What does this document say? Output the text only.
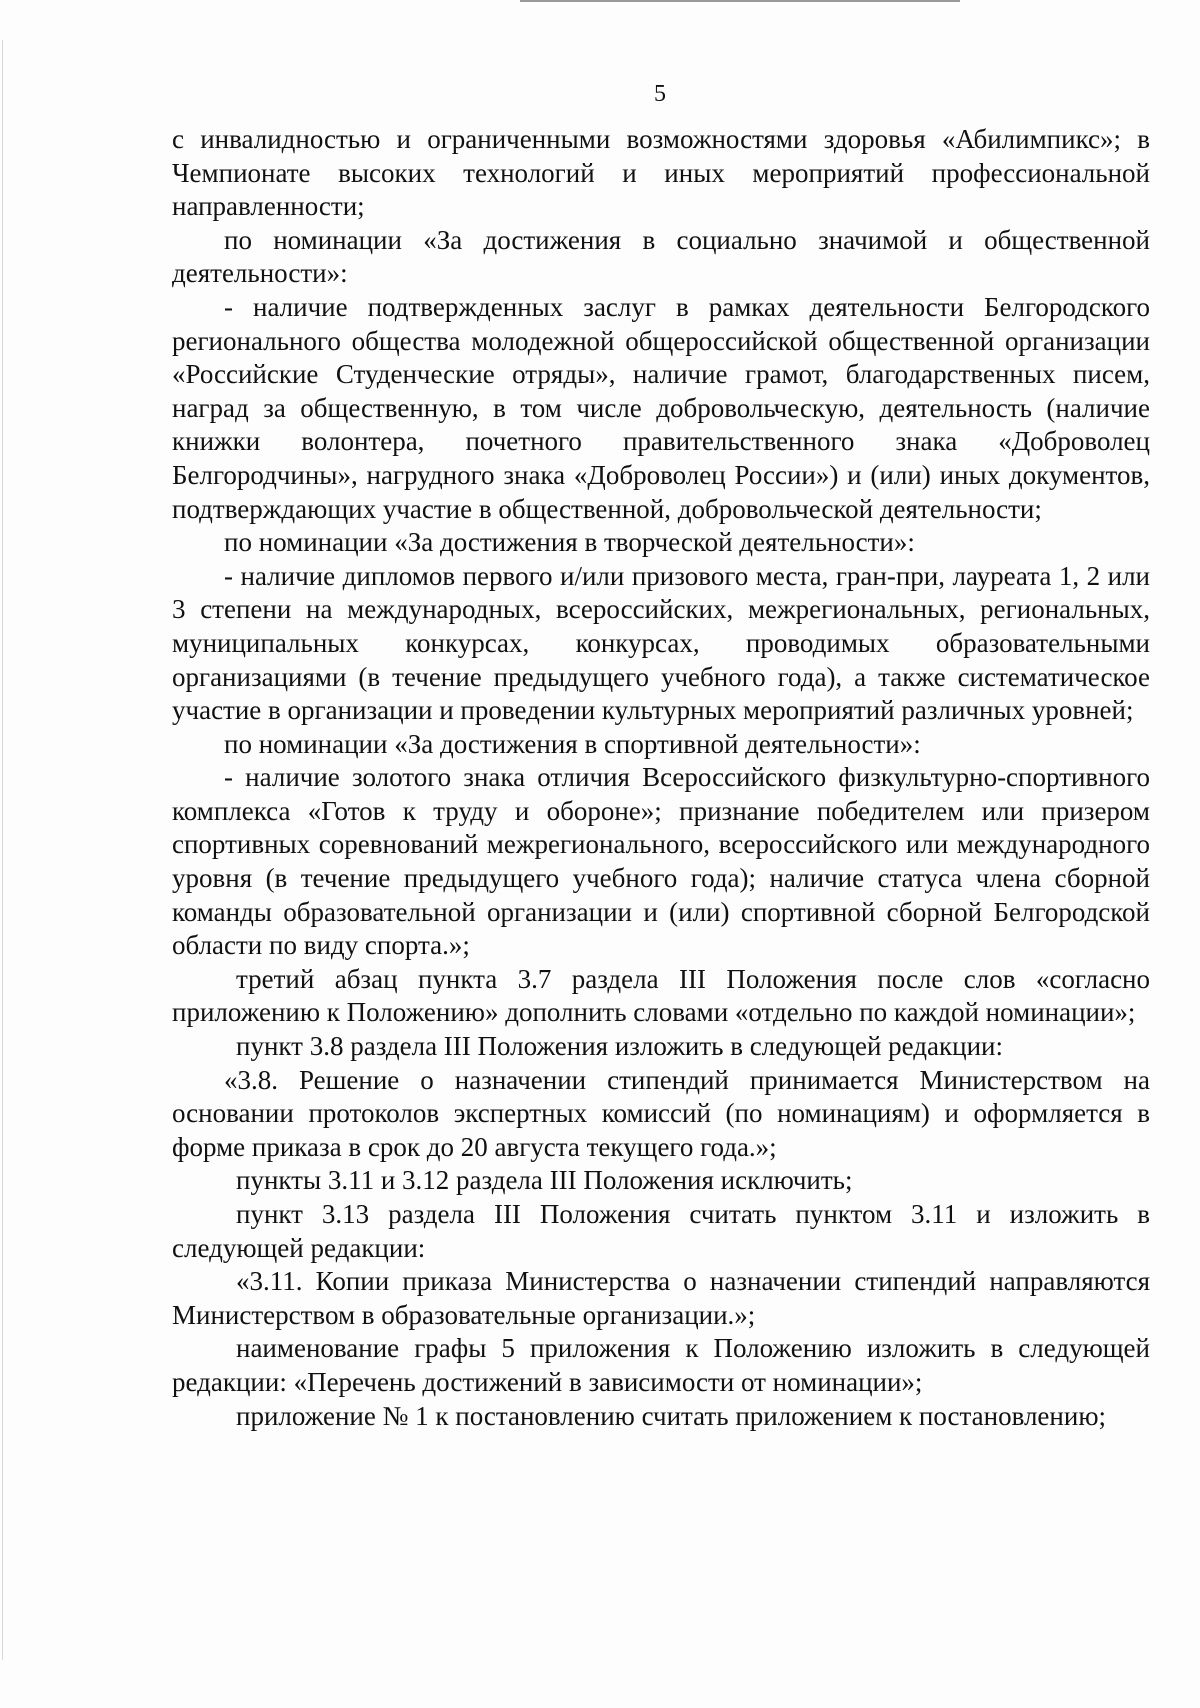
5

с инвалидностью и ограниченными возможностями здоровья «Абилимпикс»; в Чемпионате высоких технологий и иных мероприятий профессиональной направленности;

по номинации «За достижения в социально значимой и общественной деятельности»:

- наличие подтвержденных заслуг в рамках деятельности Белгородского регионального общества молодежной общероссийской общественной организации «Российские Студенческие отряды», наличие грамот, благодарственных писем, наград за общественную, в том числе добровольческую, деятельность (наличие книжки волонтера, почетного правительственного знака «Доброволец Белгородчины», нагрудного знака «Доброволец России») и (или) иных документов, подтверждающих участие в общественной, добровольческой деятельности;

по номинации «За достижения в творческой деятельности»:

- наличие дипломов первого и/или призового места, гран-при, лауреата 1, 2 или 3 степени на международных, всероссийских, межрегиональных, региональных, муниципальных конкурсах, конкурсах, проводимых образовательными организациями (в течение предыдущего учебного года), а также систематическое участие в организации и проведении культурных мероприятий различных уровней;

по номинации «За достижения в спортивной деятельности»:

- наличие золотого знака отличия Всероссийского физкультурно-спортивного комплекса «Готов к труду и обороне»; признание победителем или призером спортивных соревнований межрегионального, всероссийского или международного уровня (в течение предыдущего учебного года); наличие статуса члена сборной команды образовательной организации и (или) спортивной сборной Белгородской области по виду спорта.»;

третий абзац пункта 3.7 раздела III Положения после слов «согласно приложению к Положению» дополнить словами «отдельно по каждой номинации»;

пункт 3.8 раздела III Положения изложить в следующей редакции:

«3.8. Решение о назначении стипендий принимается Министерством на основании протоколов экспертных комиссий (по номинациям) и оформляется в форме приказа в срок до 20 августа текущего года.»;

пункты 3.11 и 3.12 раздела III Положения исключить;

пункт 3.13 раздела III Положения считать пунктом 3.11 и изложить в следующей редакции:

«3.11. Копии приказа Министерства о назначении стипендий направляются Министерством в образовательные организации.»;

наименование графы 5 приложения к Положению изложить в следующей редакции: «Перечень достижений в зависимости от номинации»;

приложение № 1 к постановлению считать приложением к постановлению;
